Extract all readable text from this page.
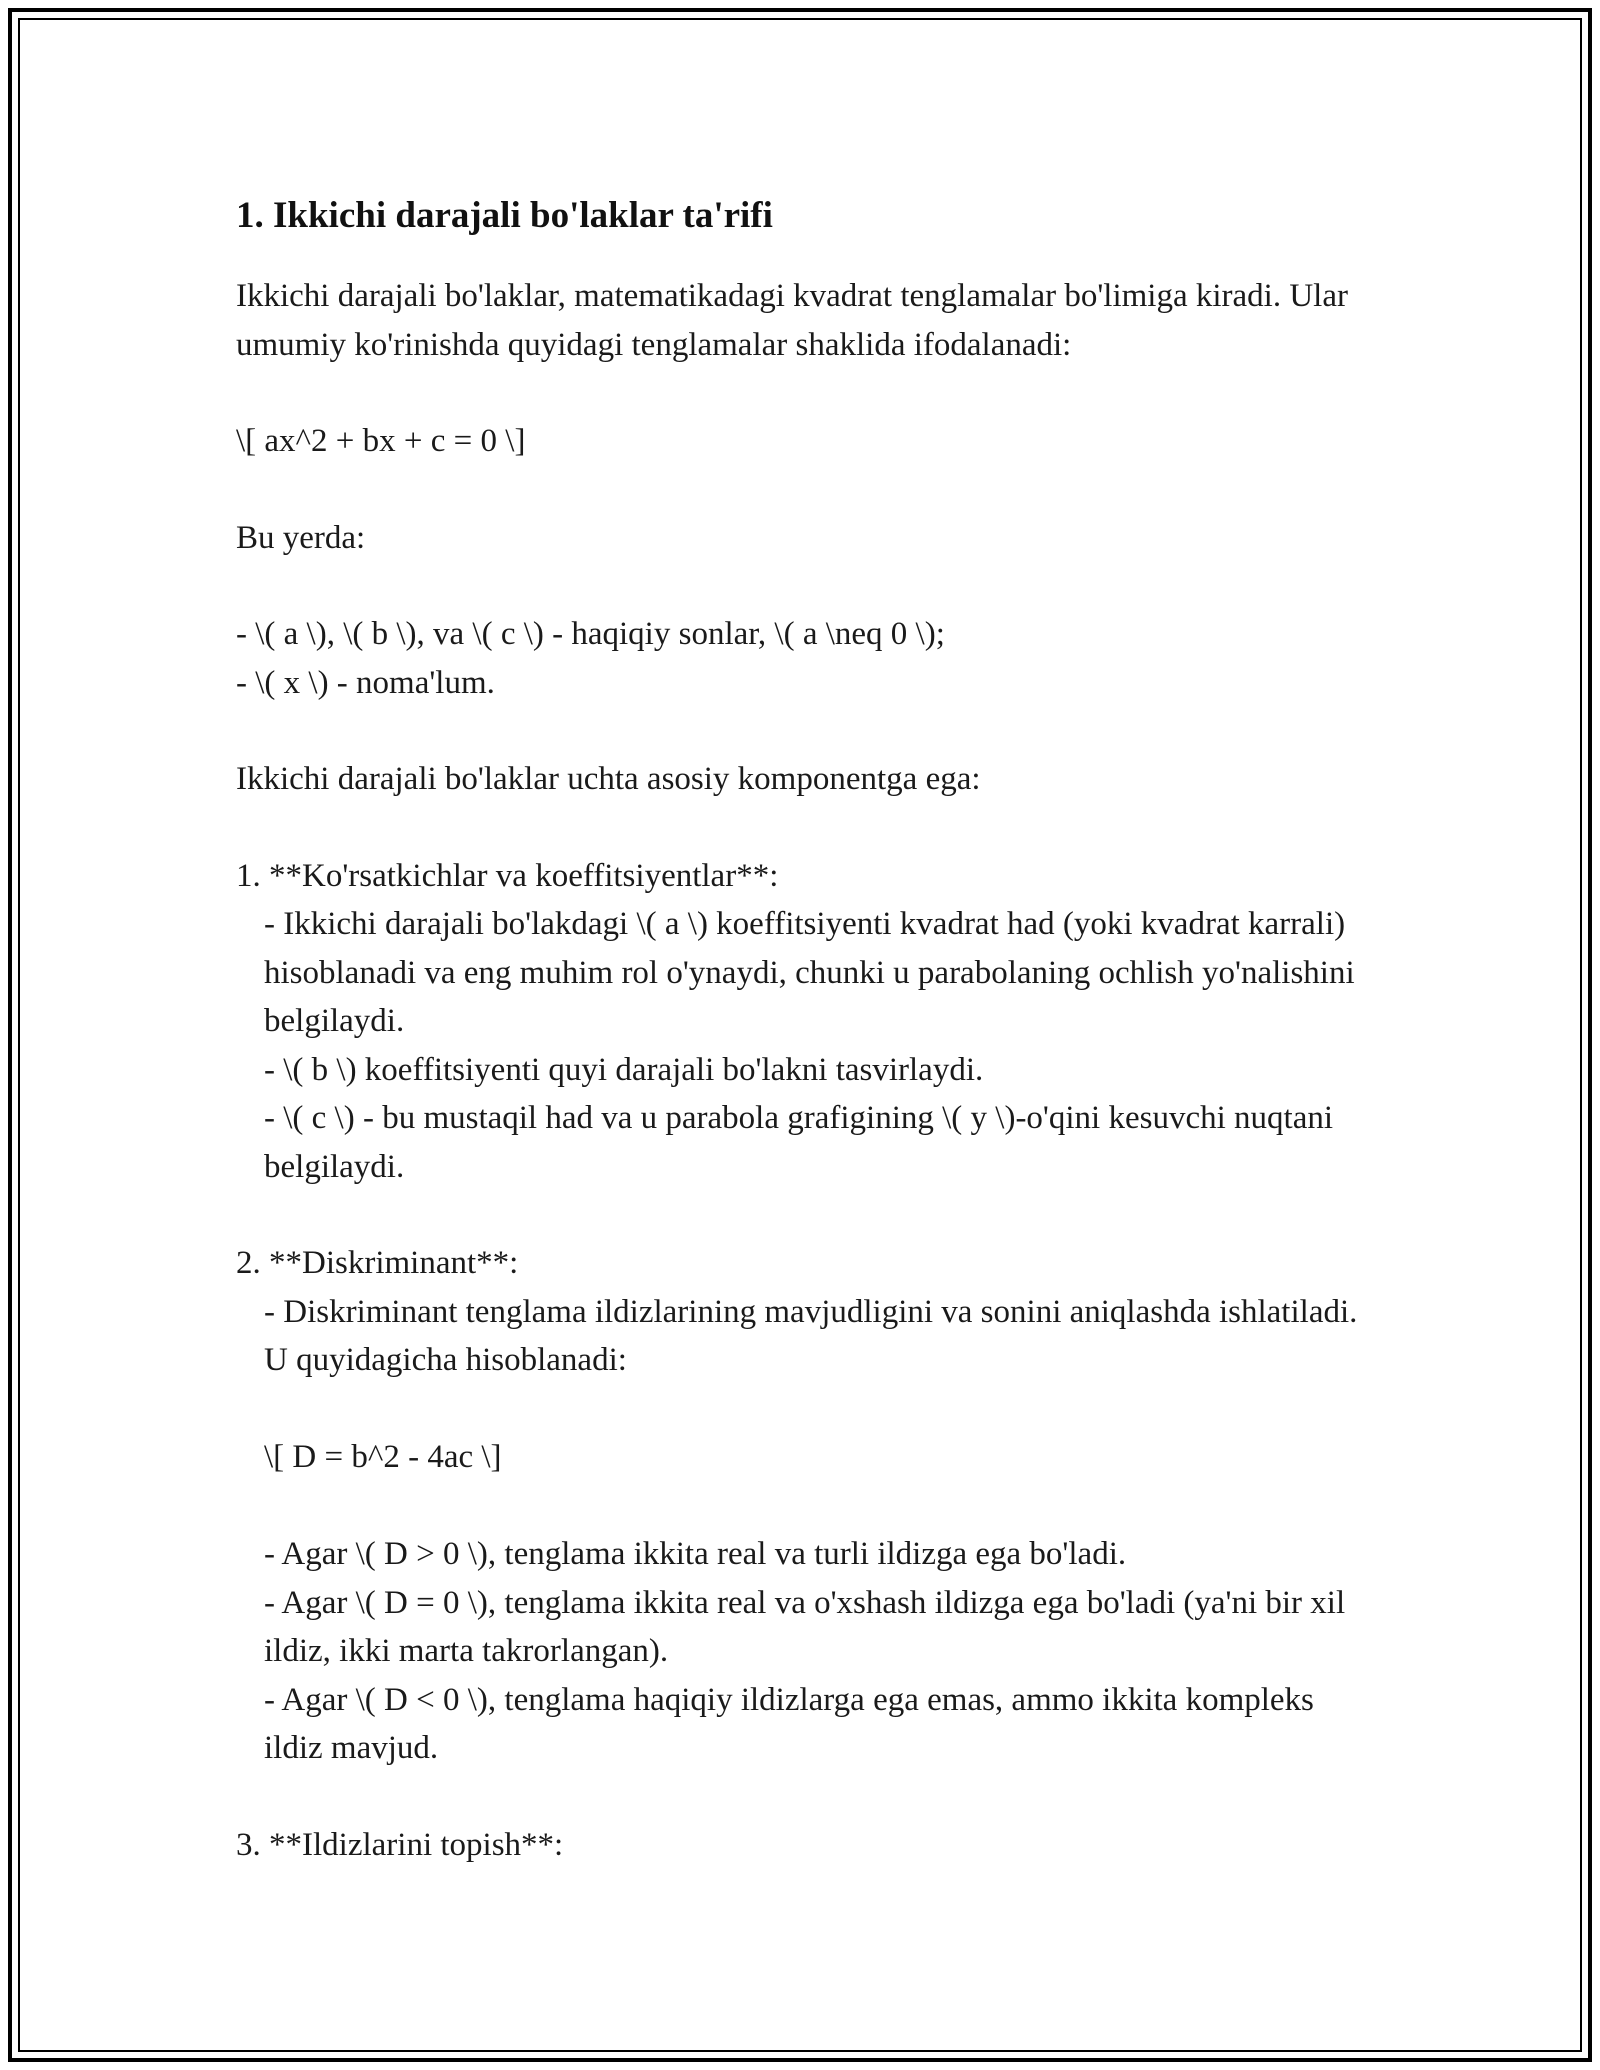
1. Ikkichi darajali bo'laklar ta'rifi

Ikkichi darajali bo'laklar, matematikadagi kvadrat tenglamalar bo'limiga kiradi. Ular umumiy ko'rinishda quyidagi tenglamalar shaklida ifodalanadi:

\[ ax^2 + bx + c = 0 \]

Bu yerda:

- \( a \), \( b \), va \( c \) - haqiqiy sonlar, \( a \neq 0 \);
- \( x \) - noma'lum.

Ikkichi darajali bo'laklar uchta asosiy komponentga ega:

1. **Ko'rsatkichlar va koeffitsiyentlar**:
- Ikkichi darajali bo'lakdagi \( a \) koeffitsiyenti kvadrat had (yoki kvadrat karrali) hisoblanadi va eng muhim rol o'ynaydi, chunki u parabolaning ochlish yo'nalishini belgilaydi.
- \( b \) koeffitsiyenti quyi darajali bo'lakni tasvirlaydi.
- \( c \) - bu mustaqil had va u parabola grafigining \( y \)-o'qini kesuvchi nuqtani belgilaydi.
2. **Diskriminant**:
- Diskriminant tenglama ildizlarining mavjudligini va sonini aniqlashda ishlatiladi. U quyidagicha hisoblanadi:
\[ D = b^2 - 4ac \]
- Agar \( D > 0 \), tenglama ikkita real va turli ildizga ega bo'ladi.
- Agar \( D = 0 \), tenglama ikkita real va o'xshash ildizga ega bo'ladi (ya'ni bir xil ildiz, ikki marta takrorlangan).
- Agar \( D < 0 \), tenglama haqiqiy ildizlarga ega emas, ammo ikkita kompleks ildiz mavjud.
3. **Ildizlarini topish**:
